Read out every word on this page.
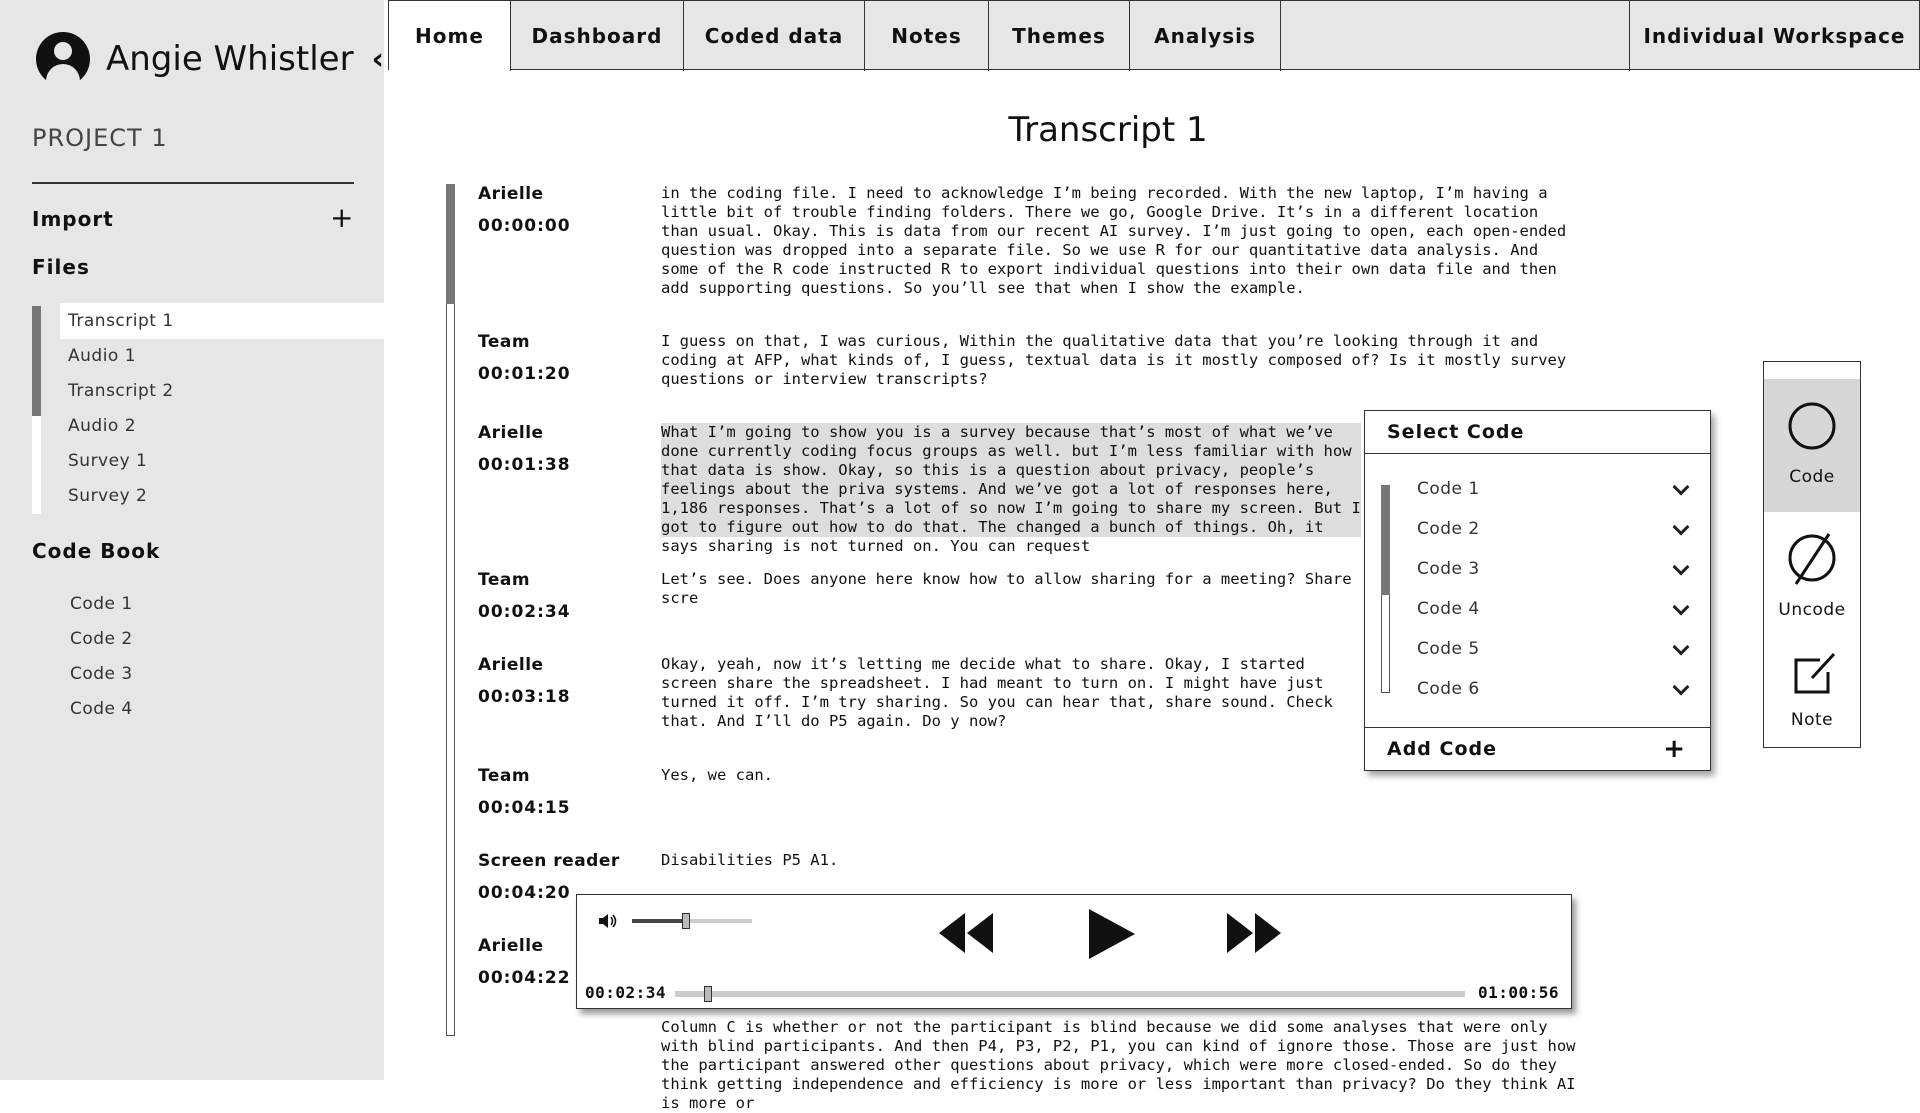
Angie Whistler ‹
PROJECT 1
Import	+
Files
Transcript 1
Audio 1
Transcript 2
Audio 2
Survey 1
Survey 2
Code Book
Code 1
Code 2
Code 3
Code 4
Home	Dashboard	Coded data	Notes	Themes	Analysis	Individual Workspace
Transcript 1
Arielle
00:00:00
in the coding file. I need to acknowledge I’m being recorded. With the new laptop, I’m having a little bit of trouble finding folders. There we go, Google Drive. It’s in a different location than usual. Okay. This is data from our recent AI survey. I’m just going to open, each open-ended question was dropped into a separate file. So we use R for our quantitative data analysis. And some of the R code instructed R to export individual questions into their own data file and then add supporting questions. So you’ll see that when I show the example.
Team
00:01:20
I guess on that, I was curious, Within the qualitative data that you’re looking through it and coding at AFP, what kinds of, I guess, textual data is it mostly composed of? Is it mostly survey questions or interview transcripts?
Arielle
00:01:38
What I’m going to show you is a survey because that’s most of what we’ve done currently coding focus groups as well. but I’m less familiar with how that data is show. Okay, so this is a question about privacy, people’s feelings about the priva systems. And we’ve got a lot of responses here, 1,186 responses. That’s a lot of so now I’m going to share my screen. But I got to figure out how to do that. The changed a bunch of things. Oh, it says sharing is not turned on. You can request
Team
00:02:34
Let’s see. Does anyone here know how to allow sharing for a meeting? Share scre
Arielle
00:03:18
Okay, yeah, now it’s letting me decide what to share. Okay, I started screen share the spreadsheet. I had meant to turn on. I might have just turned it off. I’m try sharing. So you can hear that, share sound. Check that. And I’ll do P5 again. Do y now?
Team
00:04:15
Yes, we can.
Screen reader
00:04:20
Disabilities P5 A1.
Arielle
00:04:22
Column C is whether or not the participant is blind because we did some analyses that were only with blind participants. And then P4, P3, P2, P1, you can kind of ignore those. Those are just how the participant answered other questions about privacy, which were more closed-ended. So do they think getting independence and efficiency is more or less important than privacy? Do they think AI is more or
Select Code
Code 1
Code 2
Code 3
Code 4
Code 5
Code 6
Add Code	+
Code
Uncode
Note
00:02:34	01:00:56
